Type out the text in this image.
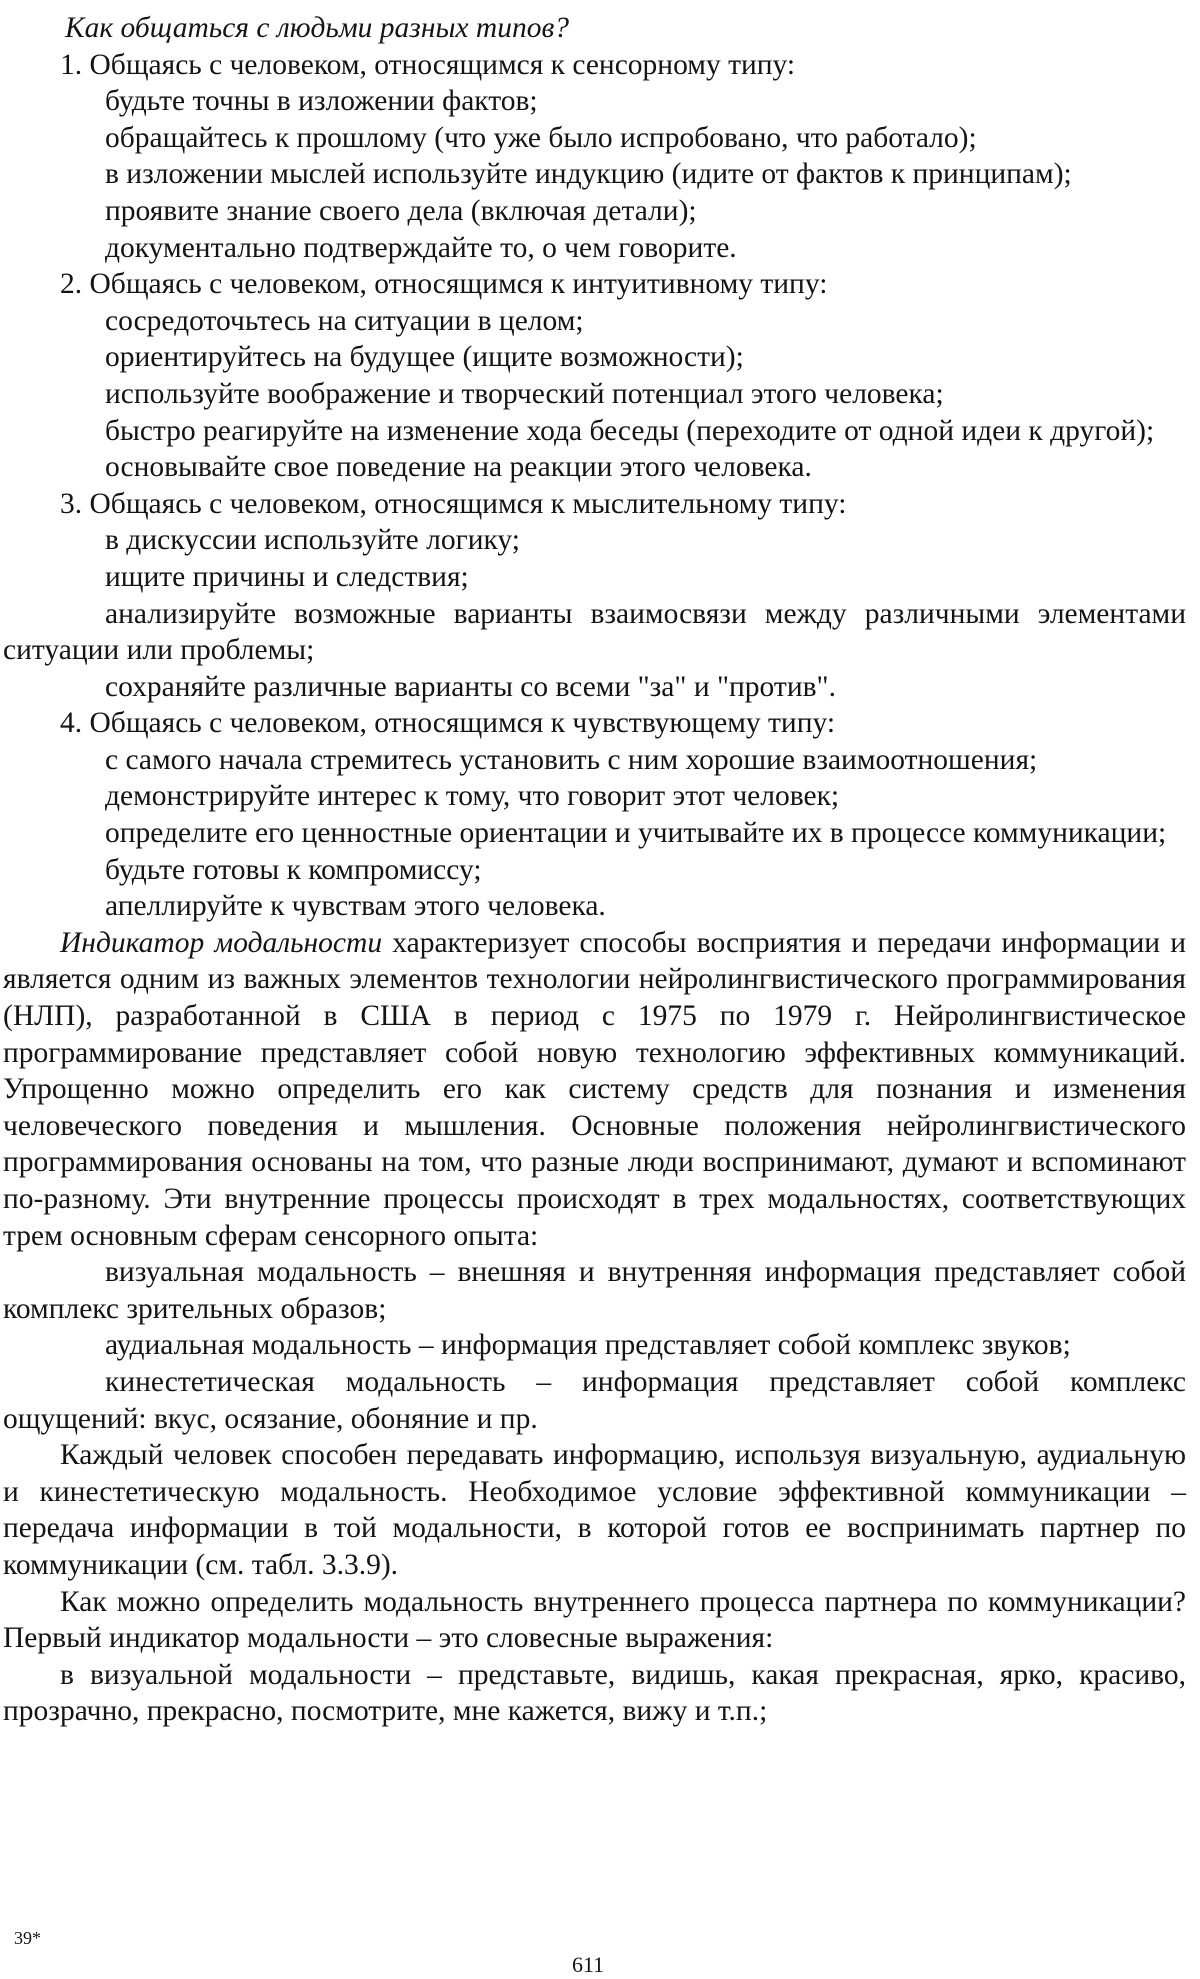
Как общаться с людьми разных типов?

1. Общаясь с человеком, относящимся к сенсорному типу:

будьте точны в изложении фактов;

обращайтесь к прошлому (что уже было испробовано, что работало);

в изложении мыслей используйте индукцию (идите от фактов к принципам);

проявите знание своего дела (включая детали);

документально подтверждайте то, о чем говорите.

2. Общаясь с человеком, относящимся к интуитивному типу:

сосредоточьтесь на ситуации в целом;

ориентируйтесь на будущее (ищите возможности);

используйте воображение и творческий потенциал этого человека;

быстро реагируйте на изменение хода беседы (переходите от одной идеи к другой);

основывайте свое поведение на реакции этого человека.

3. Общаясь с человеком, относящимся к мыслительному типу:

в дискуссии используйте логику;

ищите причины и следствия;

анализируйте возможные варианты взаимосвязи между различными элементами ситуации или проблемы;

сохраняйте различные варианты со всеми "за" и "против".

4. Общаясь с человеком, относящимся к чувствующему типу:

с самого начала стремитесь установить с ним хорошие взаимоотношения;

демонстрируйте интерес к тому, что говорит этот человек;

определите его ценностные ориентации и учитывайте их в процессе коммуникации;

будьте готовы к компромиссу;

апеллируйте к чувствам этого человека.

Индикатор модальности характеризует способы восприятия и передачи информации и является одним из важных элементов технологии нейролингвистического программирования (НЛП), разработанной в США в период с 1975 по 1979 г. Нейролингвистическое программирование представляет собой новую технологию эффективных коммуникаций. Упрощенно можно определить его как систему средств для познания и изменения человеческого поведения и мышления. Основные положения нейролингвистического программирования основаны на том, что разные люди воспринимают, думают и вспоминают по-разному. Эти внутренние процессы происходят в трех модальностях, соответствующих трем основным сферам сенсорного опыта:

визуальная модальность – внешняя и внутренняя информация представляет собой комплекс зрительных образов;

аудиальная модальность – информация представляет собой комплекс звуков;

кинестетическая модальность – информация представляет собой комплекс ощущений: вкус, осязание, обоняние и пр.

Каждый человек способен передавать информацию, используя визуальную, аудиальную и кинестетическую модальность. Необходимое условие эффективной коммуникации – передача информации в той модальности, в которой готов ее воспринимать партнер по коммуникации (см. табл. 3.3.9).

Как можно определить модальность внутреннего процесса партнера по коммуникации? Первый индикатор модальности – это словесные выражения:

в визуальной модальности – представьте, видишь, какая прекрасная, ярко, красиво, прозрачно, прекрасно, посмотрите, мне кажется, вижу и т.п.;

39*
611
